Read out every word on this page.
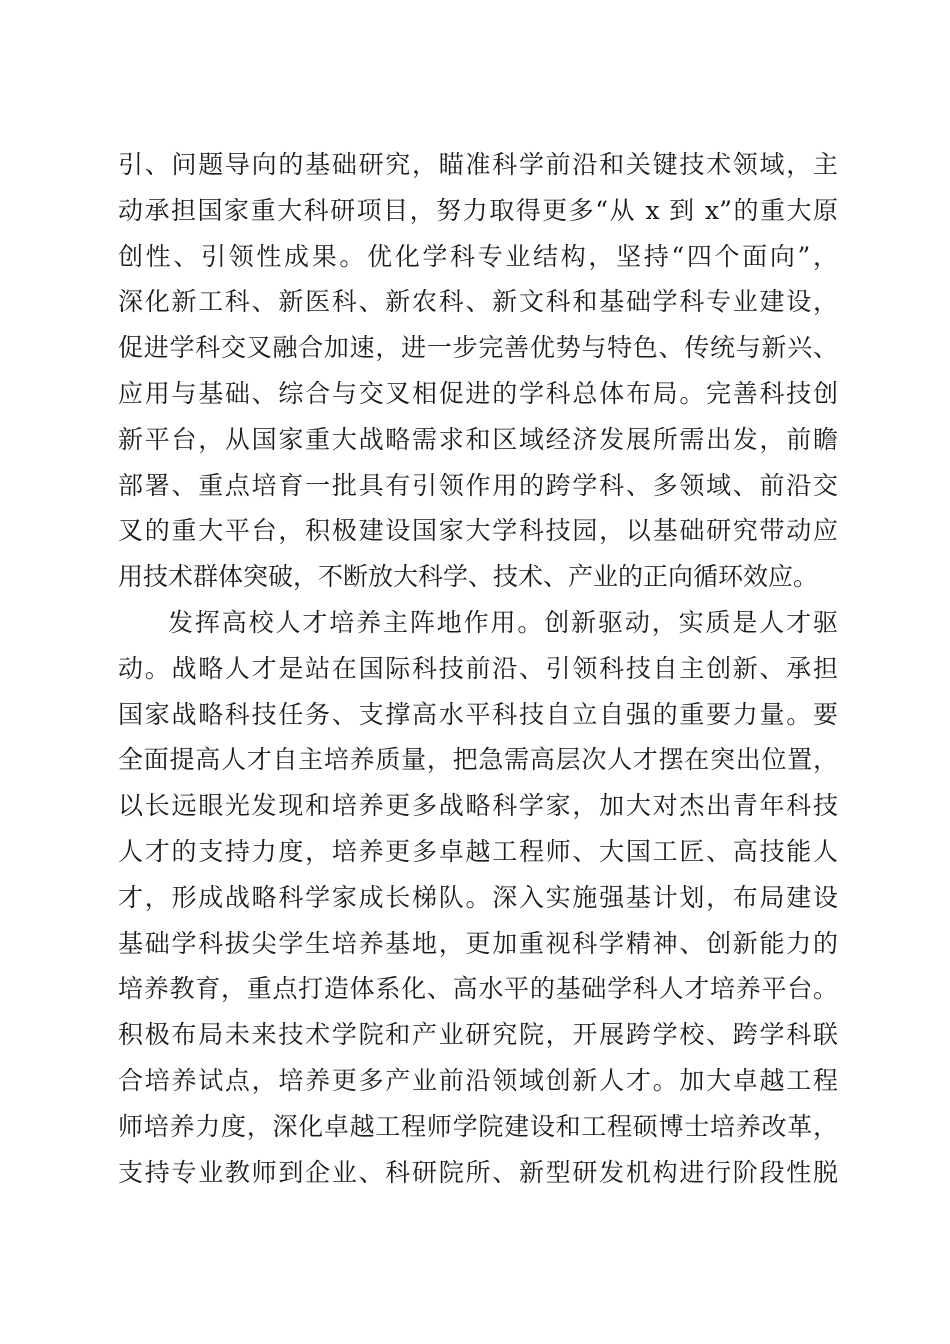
引、问题导向的基础研究，瞄准科学前沿和关键技术领域，主
动承担国家重大科研项目，努力取得更多“从 x 到 x”的重大原
创性、引领性成果。优化学科专业结构，坚持“四个面向”，
深化新工科、新医科、新农科、新文科和基础学科专业建设，
促进学科交叉融合加速，进一步完善优势与特色、传统与新兴、
应用与基础、综合与交叉相促进的学科总体布局。完善科技创
新平台，从国家重大战略需求和区域经济发展所需出发，前瞻
部署、重点培育一批具有引领作用的跨学科、多领域、前沿交
叉的重大平台，积极建设国家大学科技园，以基础研究带动应
用技术群体突破，不断放大科学、技术、产业的正向循环效应。
发挥高校人才培养主阵地作用。创新驱动，实质是人才驱
动。战略人才是站在国际科技前沿、引领科技自主创新、承担
国家战略科技任务、支撑高水平科技自立自强的重要力量。要
全面提高人才自主培养质量，把急需高层次人才摆在突出位置，
以长远眼光发现和培养更多战略科学家，加大对杰出青年科技
人才的支持力度，培养更多卓越工程师、大国工匠、高技能人
才，形成战略科学家成长梯队。深入实施强基计划，布局建设
基础学科拔尖学生培养基地，更加重视科学精神、创新能力的
培养教育，重点打造体系化、高水平的基础学科人才培养平台。
积极布局未来技术学院和产业研究院，开展跨学校、跨学科联
合培养试点，培养更多产业前沿领域创新人才。加大卓越工程
师培养力度，深化卓越工程师学院建设和工程硕博士培养改革，
支持专业教师到企业、科研院所、新型研发机构进行阶段性脱
